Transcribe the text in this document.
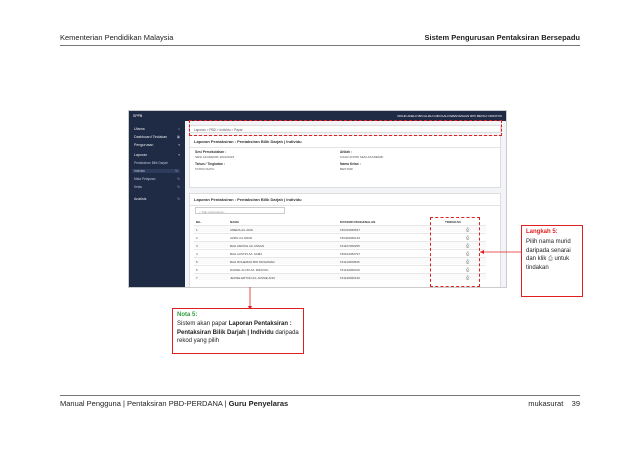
Kementerian Pendidikan Malaysia	Sistem Pengurusan Pentaksiran Bersepadu
SPPB	MOHD ADELO BIN ALIAH GIIKOLAH KEBANGSAAN RPK BETAU CIRKOYKI
Utama	⌂
Dashboard Tindakan	▣
Pengurusan	▾
Laporan	▾
Pentaksiran Bilik Darjah
Individu	↻
Mata Pelajaran	↻
Kelas	↻
Analisis	↻
Laporan > PBD > Individu > Papar
Laporan Pentaksiran : Pentaksiran Bilik Darjah | Individu
Sesi Persekolahan :
SESI AKADEMIK 2022/2023
Ahliah :
USAR ANHIR SESI AKADEMIK
Tahun / Tingkatan :
TAHUN SATU
Nama Kelas :
BESTARI
Laporan Pentaksiran : Pentaksiran Bilik Darjah | Individu
⌕ Taip (cari)carian...
BIL.	NAMA	MYKID/ID PENGENALAN	TINDAKAN
1	AMEDA A/L AMIL	150315060547	⎙
2	AZRIL A/L RIDZI	150406060120	⎙
3	BAH AMONG A/L ASSAN	151107060255	⎙
4	BAH AUSTIN A/L SAMA	150612060797	⎙
5	BAH ROHEMAN BIN MOHAMAD	151113060535	⎙
6	DANIEL ALVIN A/L RIZANOL	151130060019	⎙
7	JESSIE ERTON A/L JASSIE ANN	151126060139	⎙
Langkah 5:
Pilih nama murid daripada senarai dan klik ⎙ untuk tindakan
Nota 5:
Sistem akan papar Laporan Pentaksiran : Pentaksiran Bilik Darjah | Individu daripada rekod yang pilih
Manual Pengguna | Pentaksiran PBD-PERDANA | Guru Penyelaras	mukasurat 39
